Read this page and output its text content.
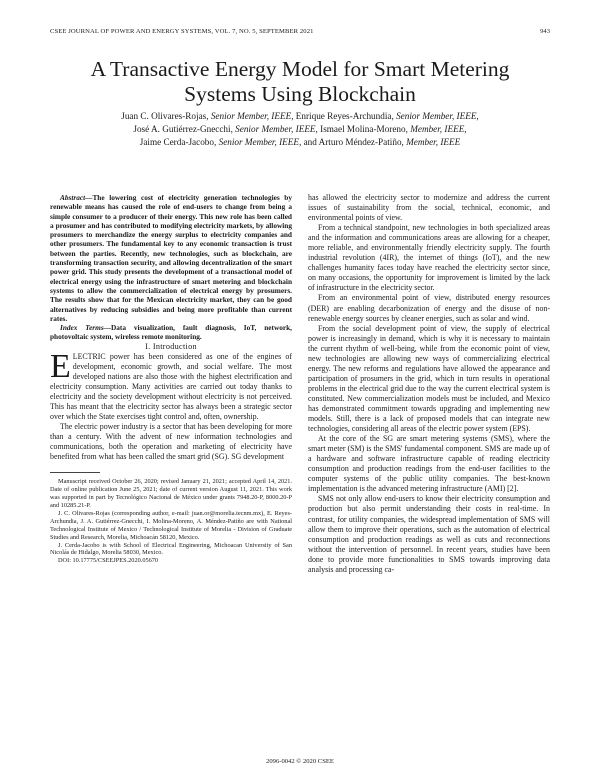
CSEE JOURNAL OF POWER AND ENERGY SYSTEMS, VOL. 7, NO. 5, SEPTEMBER 2021	943
A Transactive Energy Model for Smart Metering
Systems Using Blockchain
Juan C. Olivares-Rojas, Senior Member, IEEE, Enrique Reyes-Archundia, Senior Member, IEEE,
José A. Gutiérrez-Gnecchi, Senior Member, IEEE, Ismael Molina-Moreno, Member, IEEE,
Jaime Cerda-Jacobo, Senior Member, IEEE, and Arturo Méndez-Patiño, Member, IEEE

Abstract—The lowering cost of electricity generation technologies by renewable means has caused the role of end-users to change from being a simple consumer to a producer of their energy. This new role has been called a prosumer and has contributed to modifying electricity markets, by allowing prosumers to merchandize the energy surplus to electricity companies and other prosumers. The fundamental key to any economic transaction is trust between the parties. Recently, new technologies, such as blockchain, are transforming transaction security, and allowing decentralization of the smart power grid. This study presents the development of a transactional model of electrical energy using the infrastructure of smart metering and blockchain systems to allow the commercialization of electrical energy by prosumers. The results show that for the Mexican electricity market, they can be good alternatives by reducing subsidies and being more profitable than current rates.

Index Terms—Data visualization, fault diagnosis, IoT, network, photovoltaic system, wireless remote monitoring.

I. Introduction

ELECTRIC power has been considered as one of the engines of development, economic growth, and social welfare. The most developed nations are also those with the highest electrification and electricity consumption. Many activities are carried out today thanks to electricity and the society development without electricity is not perceived. This has meant that the electricity sector has always been a strategic sector over which the State exercises tight control and, often, ownership.

The electric power industry is a sector that has been developing for more than a century. With the advent of new information technologies and communications, both the operation and marketing of electricity have benefited from what has been called the smart grid (SG). SG development

Manuscript received October 26, 2020; revised January 21, 2021; accepted April 14, 2021. Date of online publication June 25, 2021; date of current version August 11, 2021. This work was supported in part by Tecnológico Nacional de México under grants 7948.20-P, 8000.20-P and 10285.21-P.

J. C. Olivares-Rojas (corresponding author, e-mail: juan.or@morelia.tecnm.mx), E. Reyes-Archundia, J. A. Gutiérrez-Gnecchi, I. Molina-Moreno, A. Méndez-Patiño are with National Technological Institute of Mexico / Technological Institute of Morelia - Division of Graduate Studies and Research, Morelia, Michoacán 58120, Mexico.

J. Cerda-Jacobo is with School of Electrical Engineering, Michoacan University of San Nicolás de Hidalgo, Morelia 58030, Mexico.

DOI: 10.17775/CSEEJPES.2020.05670

has allowed the electricity sector to modernize and address the current issues of sustainability from the social, technical, economic, and environmental points of view.

From a technical standpoint, new technologies in both specialized areas and the information and communications areas are allowing for a cheaper, more reliable, and environmentally friendly electricity supply. The fourth industrial revolution (4IR), the internet of things (IoT), and the new challenges humanity faces today have reached the electricity sector since, on many occasions, the opportunity for improvement is limited by the lack of infrastructure in the electricity sector.

From an environmental point of view, distributed energy resources (DER) are enabling decarbonization of energy and the disuse of non-renewable energy sources by cleaner energies, such as solar and wind.

From the social development point of view, the supply of electrical power is increasingly in demand, which is why it is necessary to maintain the current rhythm of well-being, while from the economic point of view, new technologies are allowing new ways of commercializing electrical energy. The new reforms and regulations have allowed the appearance and participation of prosumers in the grid, which in turn results in operational problems in the electrical grid due to the way the current electrical system is constituted. New commercialization models must be included, and Mexico has demonstrated commitment towards upgrading and implementing new models. Still, there is a lack of proposed models that can integrate new technologies, considering all areas of the electric power system (EPS).

At the core of the SG are smart metering systems (SMS), where the smart meter (SM) is the SMS' fundamental component. SMS are made up of a hardware and software infrastructure capable of reading electricity consumption and production readings from the end-user facilities to the computer systems of the public utility companies. The best-known implementation is the advanced metering infrastructure (AMI) [2].

SMS not only allow end-users to know their electricity consumption and production but also permit understanding their costs in real-time. In contrast, for utility companies, the widespread implementation of SMS will allow them to improve their operations, such as the automation of electrical consumption and production readings as well as cuts and reconnections without the intervention of personnel. In recent years, studies have been done to provide more functionalities to SMS towards improving data analysis and processing ca-

2096-0042 © 2020 CSEE
